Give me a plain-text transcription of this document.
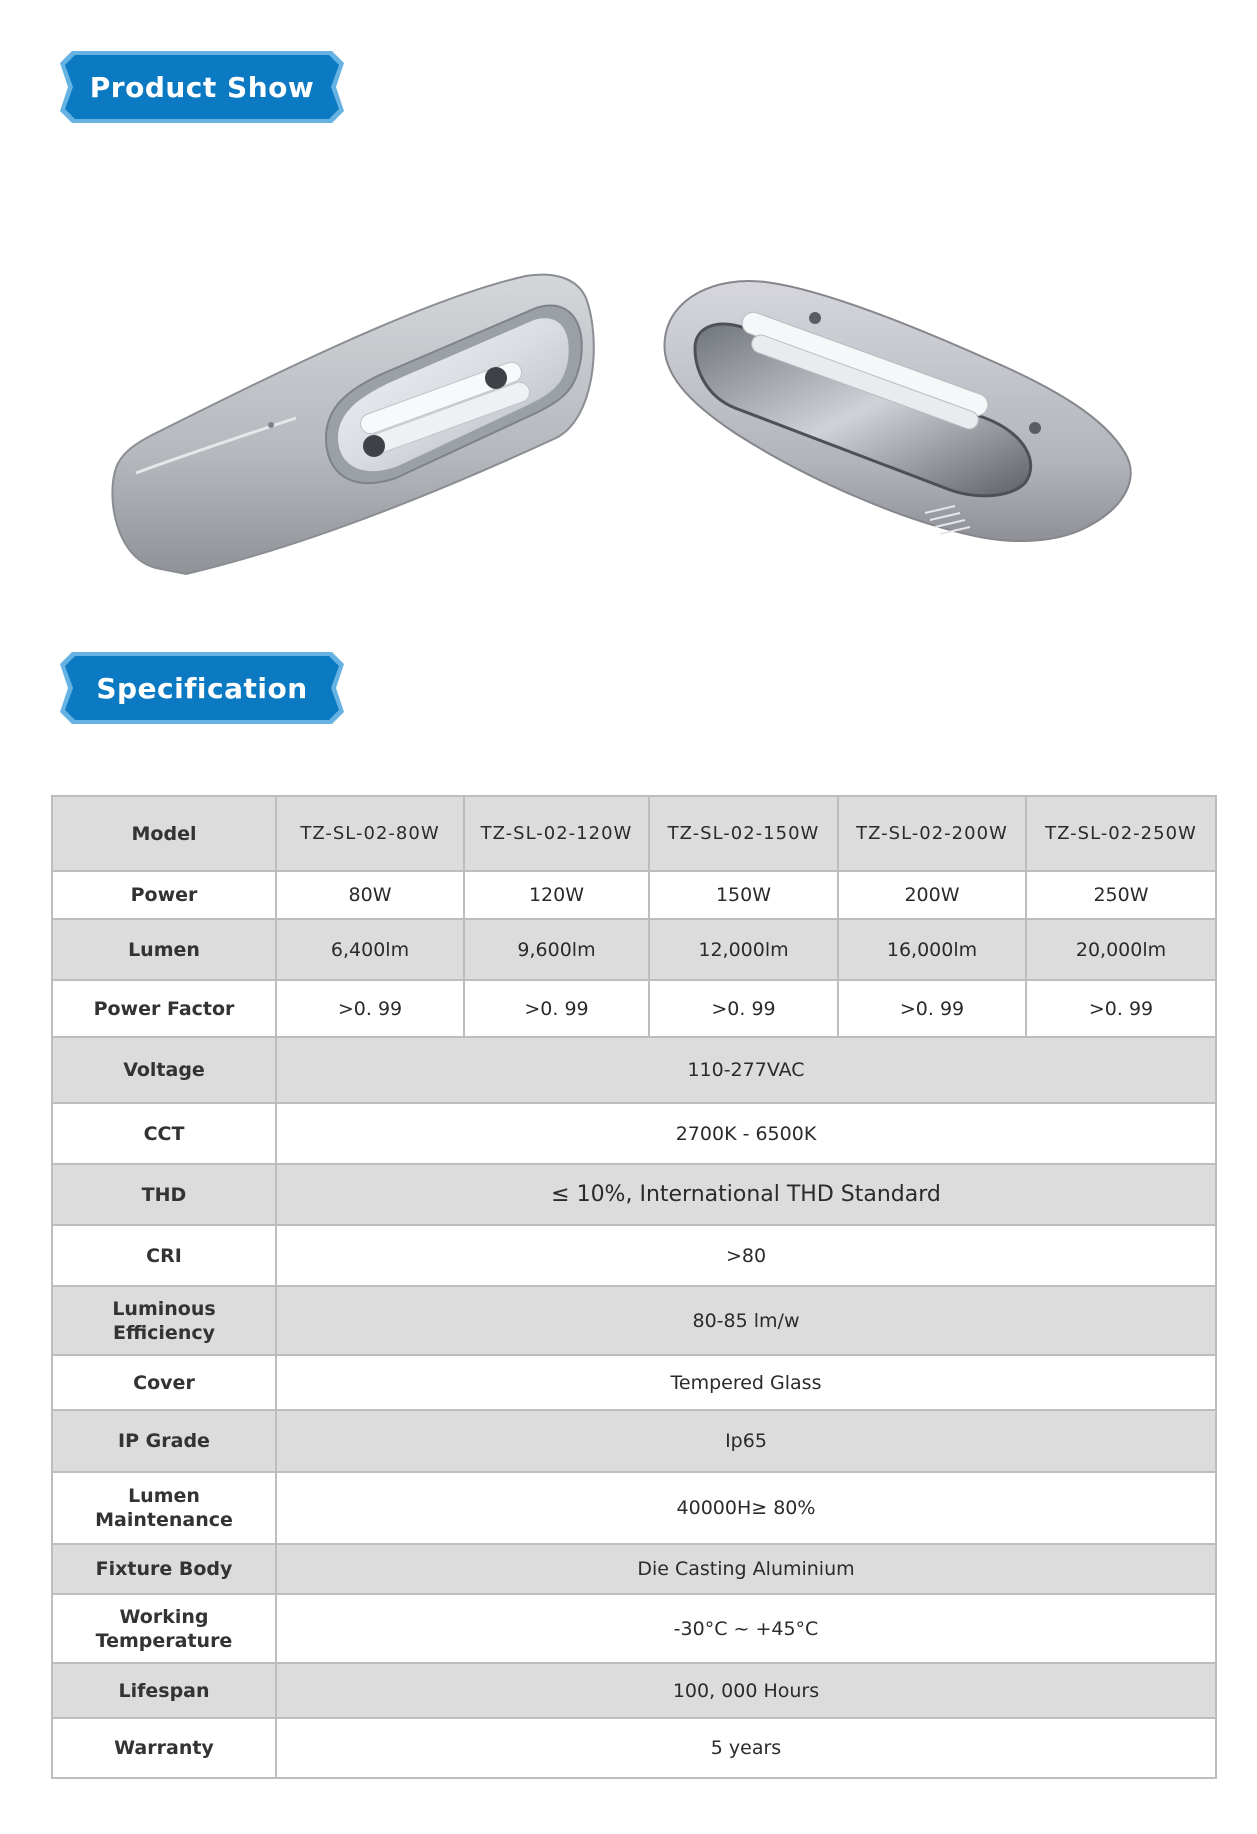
Product Show
Specification
Model	TZ-SL-02-80W	TZ-SL-02-120W	TZ-SL-02-150W	TZ-SL-02-200W	TZ-SL-02-250W
Power	80W	120W	150W	200W	250W
Lumen	6,400lm	9,600lm	12,000lm	16,000lm	20,000lm
Power Factor	>0. 99	>0. 99	>0. 99	>0. 99	>0. 99
Voltage	110-277VAC				
CCT	2700K - 6500K				
THD	≤ 10%, International THD Standard				
CRI	>80				
Luminous
Efficiency	80-85 lm/w				
Cover	Tempered Glass				
IP Grade	Ip65				
Lumen
Maintenance	40000H≥ 80%				
Fixture Body	Die Casting Aluminium				
Working
Temperature	-30°C ~ +45°C				
Lifespan	100, 000 Hours				
Warranty	5 years				
